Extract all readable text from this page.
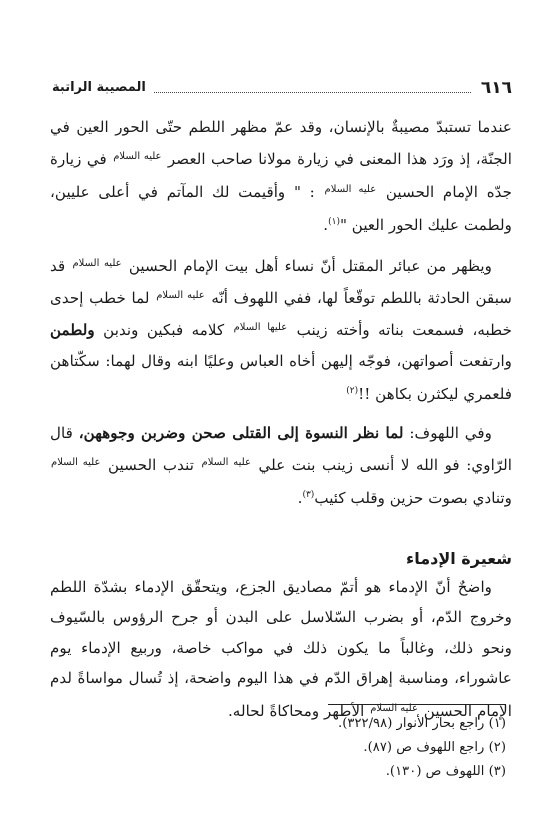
٦١٦
المصيبة الراتبة

عندما تستبدّ مصيبةٌ بالإنسان، وقد عمّ مظهر اللطم حتّى الحور العين في الجنّة، إذ ورَد هذا المعنى في زيارة مولانا صاحب العصر $^{عليه السلام}$ في زيارة جدّه الإمام الحسين $^{عليه السلام}$ : " وأقيمت لك المآتم في أعلى عليين، ولطمت عليك الحور العين "$^{(١)}$.

ويظهر من عبائر المقتل أنّ نساء أهل بيت الإمام الحسين $^{عليه السلام}$ قد سبقن الحادثة باللطم توقّعاً لها، ففي اللهوف أنّه $^{عليه السلام}$ لما خطب إحدى خطبه، فسمعت بناته وأخته زينب $^{عليها السلام}$ كلامه فبكين وندبن ولطمن وارتفعت أصواتهن، فوجّه إليهن أخاه العباس وعليًا ابنه وقال لهما: سكّتاهن فلعمري ليكثرن بكاهن !!$^{(٢)}$

وفي اللهوف: لما نظر النسوة إلى القتلى صحن وضربن وجوههن، قال الرّاوي: فو الله لا أنسى زينب بنت علي $^{عليه السلام}$ تندب الحسين $^{عليه السلام}$ وتنادي بصوت حزين وقلب كئيب$^{(٣)}$.

شعيرة الإدماء

واضحٌ أنّ الإدماء هو أتمّ مصاديق الجزع، ويتحقّق الإدماء بشدّة اللطم وخروج الدّم، أو بضرب السّلاسل على البدن أو جرح الرؤوس بالسّيوف ونحو ذلك، وغالباً ما يكون ذلك في مواكب خاصة، وربيع الإدماء يوم عاشوراء، ومناسبة إهراق الدّم في هذا اليوم واضحة، إذ تُسال مواساةً لدم الإمام الحسين $^{عليه السلام}$ الأطهر ومحاكاةً لحاله.

(١) راجع بحار الأنوار (٣٢٢/٩٨).

(٢) راجع اللهوف ص (٨٧).

(٣) اللهوف ص (١٣٠).
